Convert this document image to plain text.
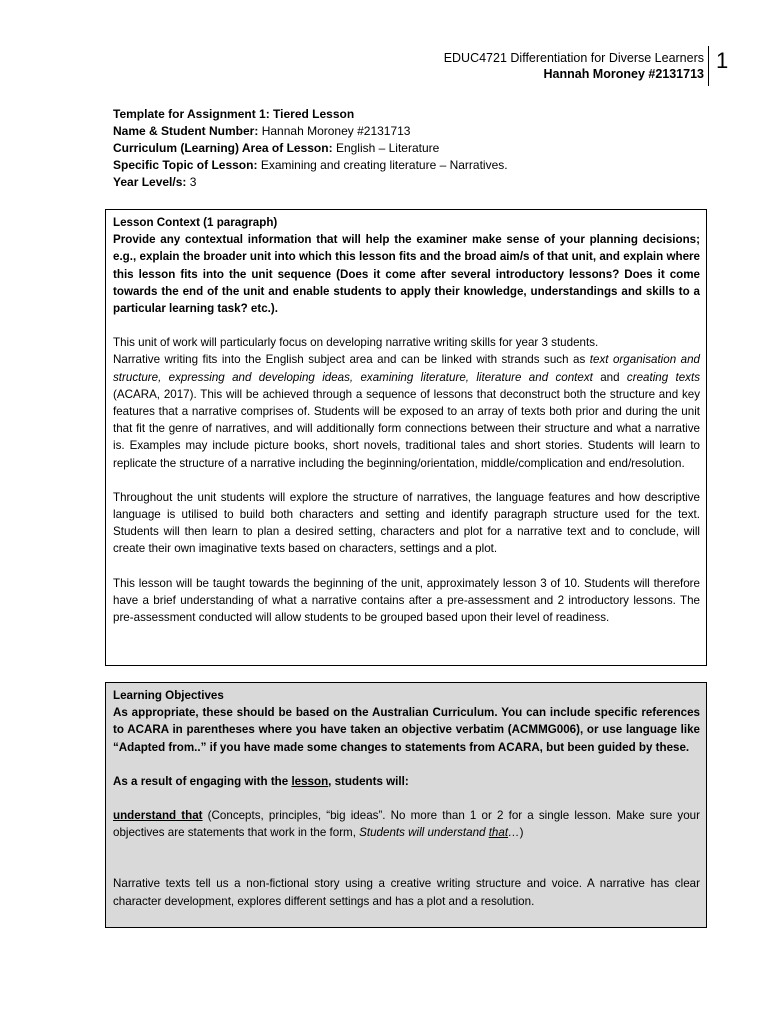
EDUC4721 Differentiation for Diverse Learners
Hannah Moroney #2131713
1
Template for Assignment 1: Tiered Lesson
Name & Student Number: Hannah Moroney #2131713
Curriculum (Learning) Area of Lesson: English – Literature
Specific Topic of Lesson: Examining and creating literature – Narratives.
Year Level/s: 3

Lesson Context (1 paragraph)

Provide any contextual information that will help the examiner make sense of your planning decisions; e.g., explain the broader unit into which this lesson fits and the broad aim/s of that unit, and explain where this lesson fits into the unit sequence (Does it come after several introductory lessons? Does it come towards the end of the unit and enable students to apply their knowledge, understandings and skills to a particular learning task? etc.).

This unit of work will particularly focus on developing narrative writing skills for year 3 students.

Narrative writing fits into the English subject area and can be linked with strands such as text organisation and structure, expressing and developing ideas, examining literature, literature and context and creating texts (ACARA, 2017). This will be achieved through a sequence of lessons that deconstruct both the structure and key features that a narrative comprises of. Students will be exposed to an array of texts both prior and during the unit that fit the genre of narratives, and will additionally form connections between their structure and what a narrative is. Examples may include picture books, short novels, traditional tales and short stories. Students will learn to replicate the structure of a narrative including the beginning/orientation, middle/complication and end/resolution.

Throughout the unit students will explore the structure of narratives, the language features and how descriptive language is utilised to build both characters and setting and identify paragraph structure used for the text. Students will then learn to plan a desired setting, characters and plot for a narrative text and to conclude, will create their own imaginative texts based on characters, settings and a plot.

This lesson will be taught towards the beginning of the unit, approximately lesson 3 of 10. Students will therefore have a brief understanding of what a narrative contains after a pre-assessment and 2 introductory lessons. The pre-assessment conducted will allow students to be grouped based upon their level of readiness.

Learning Objectives

As appropriate, these should be based on the Australian Curriculum. You can include specific references to ACARA in parentheses where you have taken an objective verbatim (ACMMG006), or use language like “Adapted from..” if you have made some changes to statements from ACARA, but been guided by these.

As a result of engaging with the lesson, students will:

understand that (Concepts, principles, “big ideas”. No more than 1 or 2 for a single lesson. Make sure your objectives are statements that work in the form, Students will understand that…)

Narrative texts tell us a non-fictional story using a creative writing structure and voice. A narrative has clear character development, explores different settings and has a plot and a resolution.
